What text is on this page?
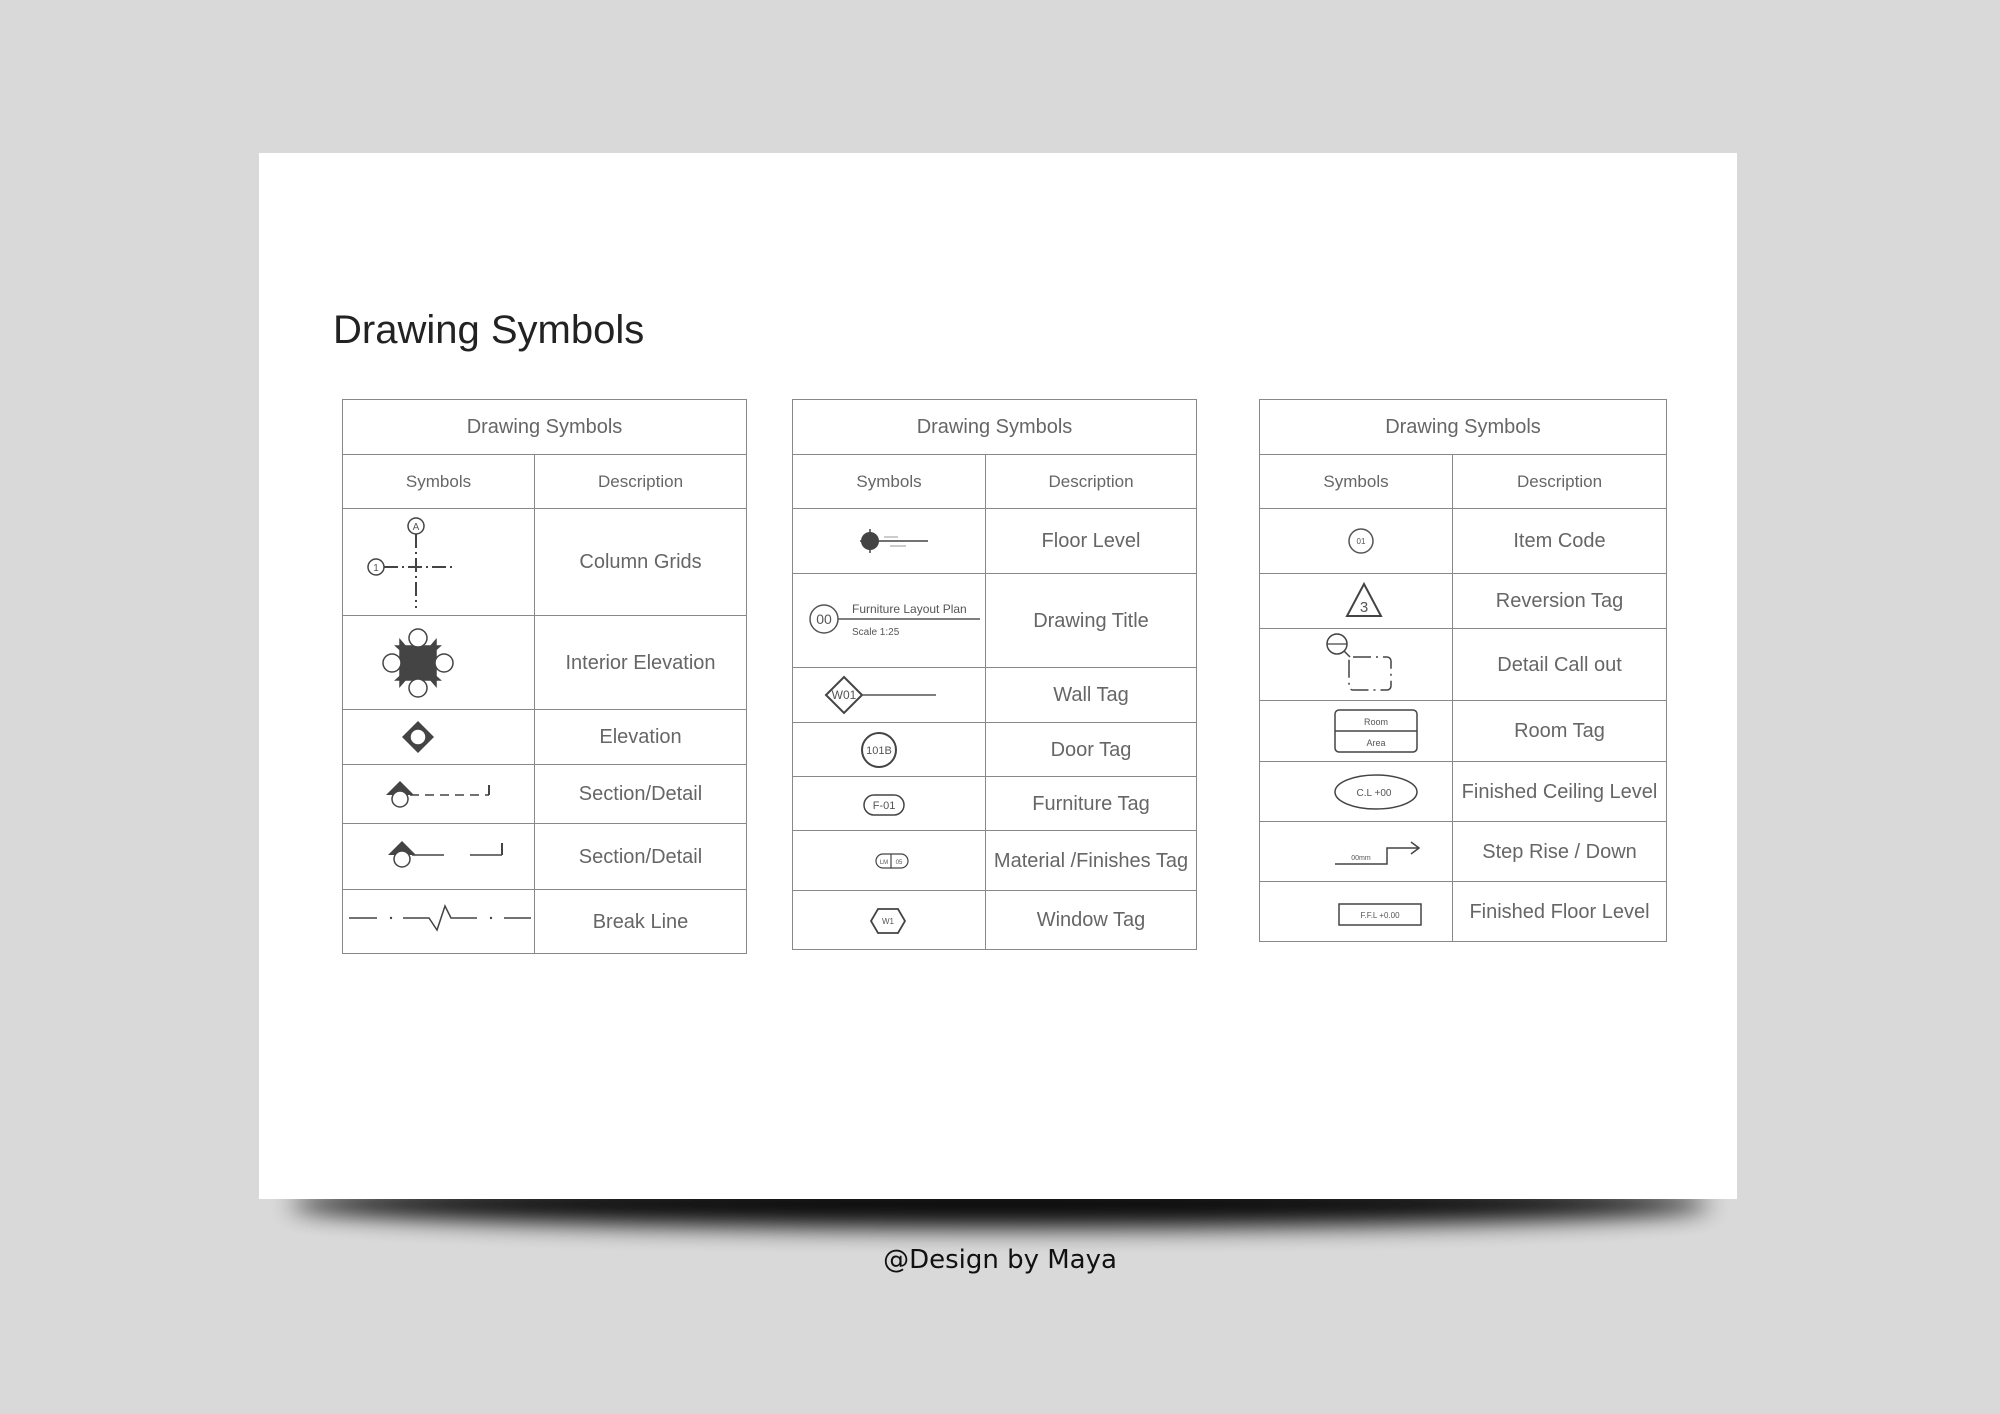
Drawing Symbols
Drawing Symbols	
Symbols	Description

A
1	Column Grids

	Interior Elevation

	Elevation

	Section/Detail

	Section/Detail

	Break Line
Drawing Symbols	
Symbols	Description

	Floor Level

00
Furniture Layout Plan
Scale 1:25	Drawing Title

W01	Wall Tag

101B	Door Tag

F-01	Furniture Tag

LM 05	Material /Finishes Tag

W1	Window Tag
Drawing Symbols	
Symbols	Description

01	Item Code

3	Reversion Tag

	Detail Call out

Room
Area	Room Tag

C.L +00	Finished Ceiling Level

00mm	Step Rise / Down

F.F.L +0.00	Finished Floor Level
@Design by Maya
